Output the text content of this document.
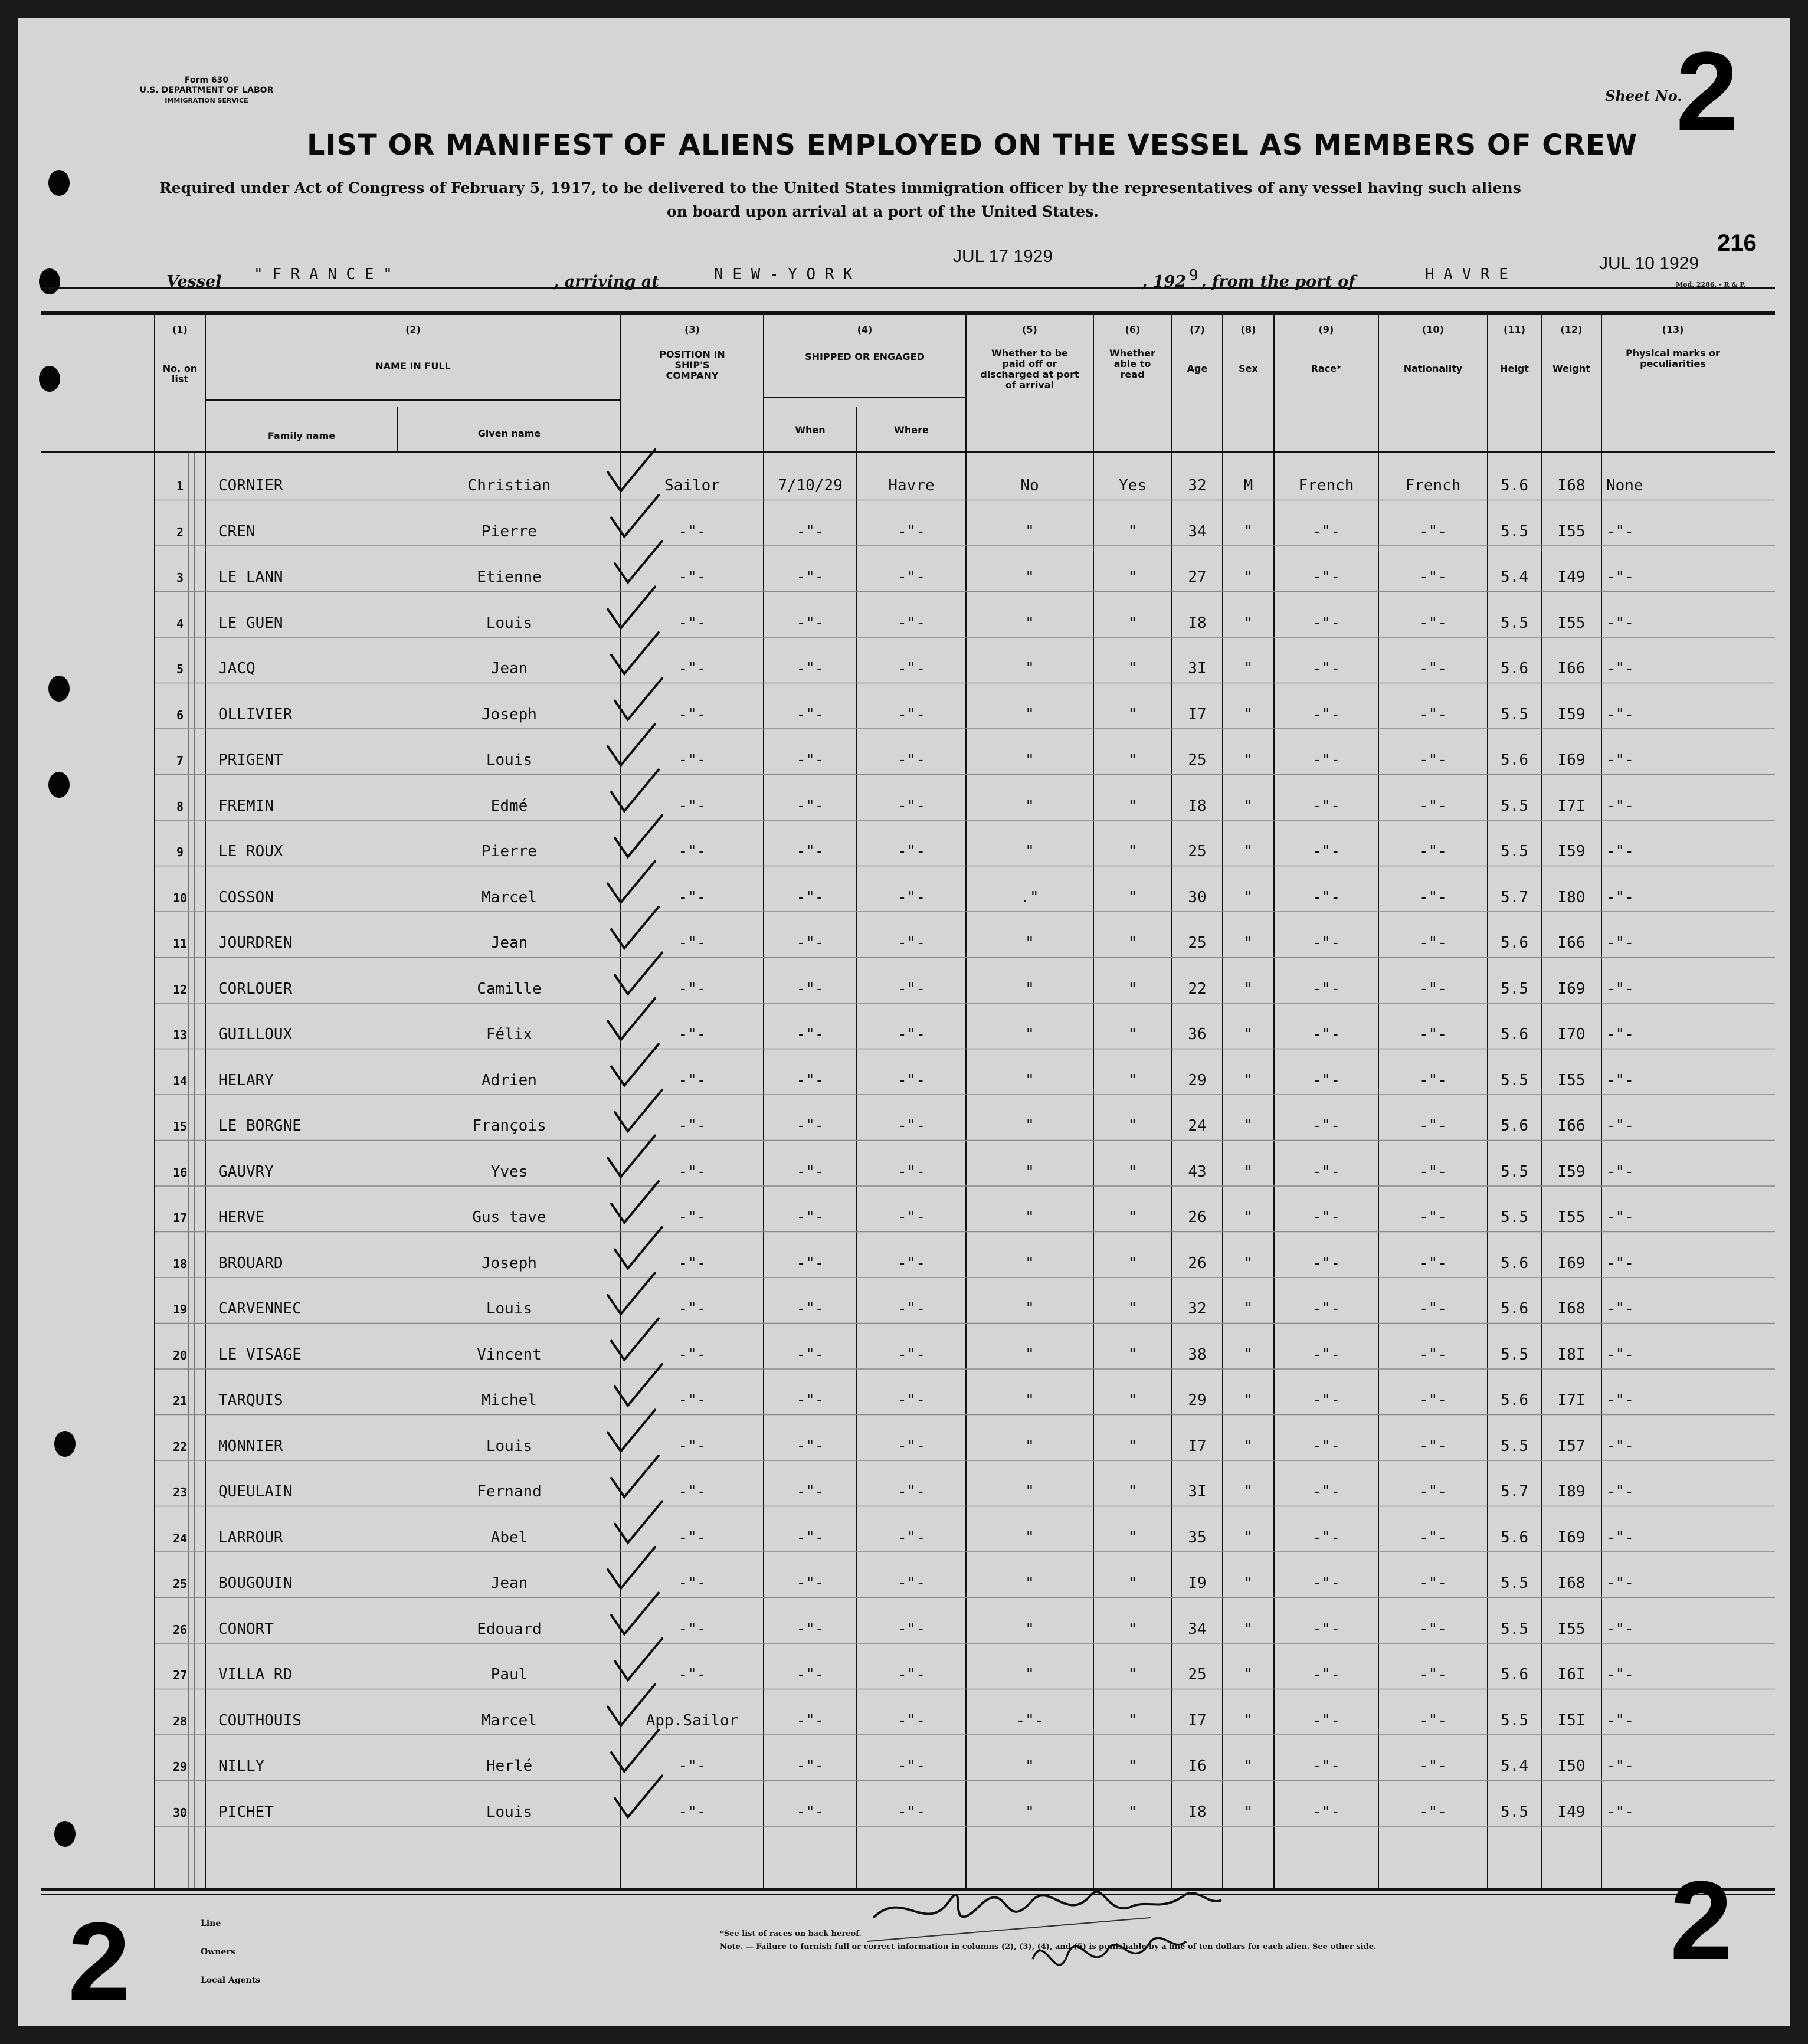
Form 630
U.S. DEPARTMENT OF LABOR
IMMIGRATION SERVICE	Sheet No.
2
LIST OR MANIFEST OF ALIENS EMPLOYED ON THE VESSEL AS MEMBERS OF CREW
Required under Act of Congress of February 5, 1917, to be delivered to the United States immigration officer by the representatives of any vessel having such aliens
on board upon arrival at a port of the United States.
216
Vessel " F R A N C E "	, arriving at	N E W - Y O R K
JUL 17 1929
, 192 9 , from the port of	H A V R E
JUL 10 1929
Mod. 2286. - R & P.
(1)
No. on list
(2)
NAME IN FULL
Family name	Given name
(3)
POSITION IN SHIP'S COMPANY
(4)
SHIPPED OR ENGAGED
When	Where
(5)
Whether to be paid off or discharged at port of arrival
(6)
Whether able to read
(7)
Age
(8)
Sex
(9)
Race*
(10)
Nationality
(11)
Heigt
(12)
Weight
(13)
Physical marks or peculiarities
1	CORNIER	Christian	Sailor	7/10/29	Havre	No	Yes	32	M	French	French	5.6	I68	None
2	CREN	Pierre	-"-	-"-	-"-	"	"	34	"	-"-	-"-	5.5	I55	-"-
3	LE LANN	Etienne	-"-	-"-	-"-	"	"	27	"	-"-	-"-	5.4	I49	-"-
4	LE GUEN	Louis	-"-	-"-	-"-	"	"	I8	"	-"-	-"-	5.5	I55	-"-
5	JACQ	Jean	-"-	-"-	-"-	"	"	3I	"	-"-	-"-	5.6	I66	-"-
6	OLLIVIER	Joseph	-"-	-"-	-"-	"	"	I7	"	-"-	-"-	5.5	I59	-"-
7	PRIGENT	Louis	-"-	-"-	-"-	"	"	25	"	-"-	-"-	5.6	I69	-"-
8	FREMIN	Edmé	-"-	-"-	-"-	"	"	I8	"	-"-	-"-	5.5	I7I	-"-
9	LE ROUX	Pierre	-"-	-"-	-"-	"	"	25	"	-"-	-"-	5.5	I59	-"-
10	COSSON	Marcel	-"-	-"-	-"-	."	"	30	"	-"-	-"-	5.7	I80	-"-
11	JOURDREN	Jean	-"-	-"-	-"-	"	"	25	"	-"-	-"-	5.6	I66	-"-
12	CORLOUER	Camille	-"-	-"-	-"-	"	"	22	"	-"-	-"-	5.5	I69	-"-
13	GUILLOUX	Félix	-"-	-"-	-"-	"	"	36	"	-"-	-"-	5.6	I70	-"-
14	HELARY	Adrien	-"-	-"-	-"-	"	"	29	"	-"-	-"-	5.5	I55	-"-
15	LE BORGNE	François	-"-	-"-	-"-	"	"	24	"	-"-	-"-	5.6	I66	-"-
16	GAUVRY	Yves	-"-	-"-	-"-	"	"	43	"	-"-	-"-	5.5	I59	-"-
17	HERVE	Gus tave	-"-	-"-	-"-	"	"	26	"	-"-	-"-	5.5	I55	-"-
18	BROUARD	Joseph	-"-	-"-	-"-	"	"	26	"	-"-	-"-	5.6	I69	-"-
19	CARVENNEC	Louis	-"-	-"-	-"-	"	"	32	"	-"-	-"-	5.6	I68	-"-
20	LE VISAGE	Vincent	-"-	-"-	-"-	"	"	38	"	-"-	-"-	5.5	I8I	-"-
21	TARQUIS	Michel	-"-	-"-	-"-	"	"	29	"	-"-	-"-	5.6	I7I	-"-
22	MONNIER	Louis	-"-	-"-	-"-	"	"	I7	"	-"-	-"-	5.5	I57	-"-
23	QUEULAIN	Fernand	-"-	-"-	-"-	"	"	3I	"	-"-	-"-	5.7	I89	-"-
24	LARROUR	Abel	-"-	-"-	-"-	"	"	35	"	-"-	-"-	5.6	I69	-"-
25	BOUGOUIN	Jean	-"-	-"-	-"-	"	"	I9	"	-"-	-"-	5.5	I68	-"-
26	CONORT	Edouard	-"-	-"-	-"-	"	"	34	"	-"-	-"-	5.5	I55	-"-
27	VILLA RD	Paul	-"-	-"-	-"-	"	"	25	"	-"-	-"-	5.6	I6I	-"-
28	COUTHOUIS	Marcel	App.Sailor	-"-	-"-	-"-	"	I7	"	-"-	-"-	5.5	I5I	-"-
29	NILLY	Herlé	-"-	-"-	-"-	"	"	I6	"	-"-	-"-	5.4	I50	-"-
30	PICHET	Louis	-"-	-"-	-"-	"	"	I8	"	-"-	-"-	5.5	I49	-"-
Line
Owners
Local Agents
*See list of races on back hereof.
Note. — Failure to furnish full or correct information in columns (2), (3), (4), and (5) is punishable by a fine of ten dollars for each alien. See other side.
2	2
